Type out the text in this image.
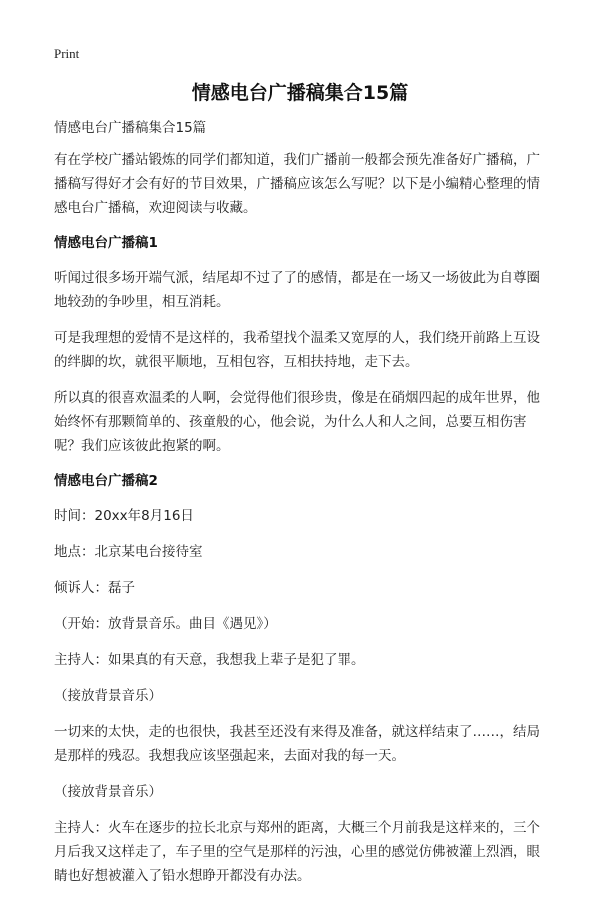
Print
情感电台广播稿集合15篇

情感电台广播稿集合15篇

有在学校广播站锻炼的同学们都知道，我们广播前一般都会预先准备好广播稿，广播稿写得好才会有好的节目效果，广播稿应该怎么写呢？以下是小编精心整理的情感电台广播稿，欢迎阅读与收藏。

情感电台广播稿1

听闻过很多场开端气派，结尾却不过了了的感情，都是在一场又一场彼此为自尊圈地较劲的争吵里，相互消耗。

可是我理想的爱情不是这样的，我希望找个温柔又宽厚的人，我们绕开前路上互设的绊脚的坎，就很平顺地，互相包容，互相扶持地，走下去。

所以真的很喜欢温柔的人啊，会觉得他们很珍贵，像是在硝烟四起的成年世界，他始终怀有那颗简单的、孩童般的心，他会说，为什么人和人之间，总要互相伤害呢？我们应该彼此抱紧的啊。

情感电台广播稿2

时间：20xx年8月16日

地点：北京某电台接待室

倾诉人：磊子

（开始：放背景音乐。曲目《遇见》）

主持人：如果真的有天意，我想我上辈子是犯了罪。

（接放背景音乐）

一切来的太快，走的也很快，我甚至还没有来得及准备，就这样结束了……，结局是那样的残忍。我想我应该坚强起来，去面对我的每一天。

（接放背景音乐）

主持人：火车在逐步的拉长北京与郑州的距离，大概三个月前我是这样来的，三个月后我又这样走了，车子里的空气是那样的污浊，心里的感觉仿佛被灌上烈酒，眼睛也好想被灌入了铅水想睁开都没有办法。
